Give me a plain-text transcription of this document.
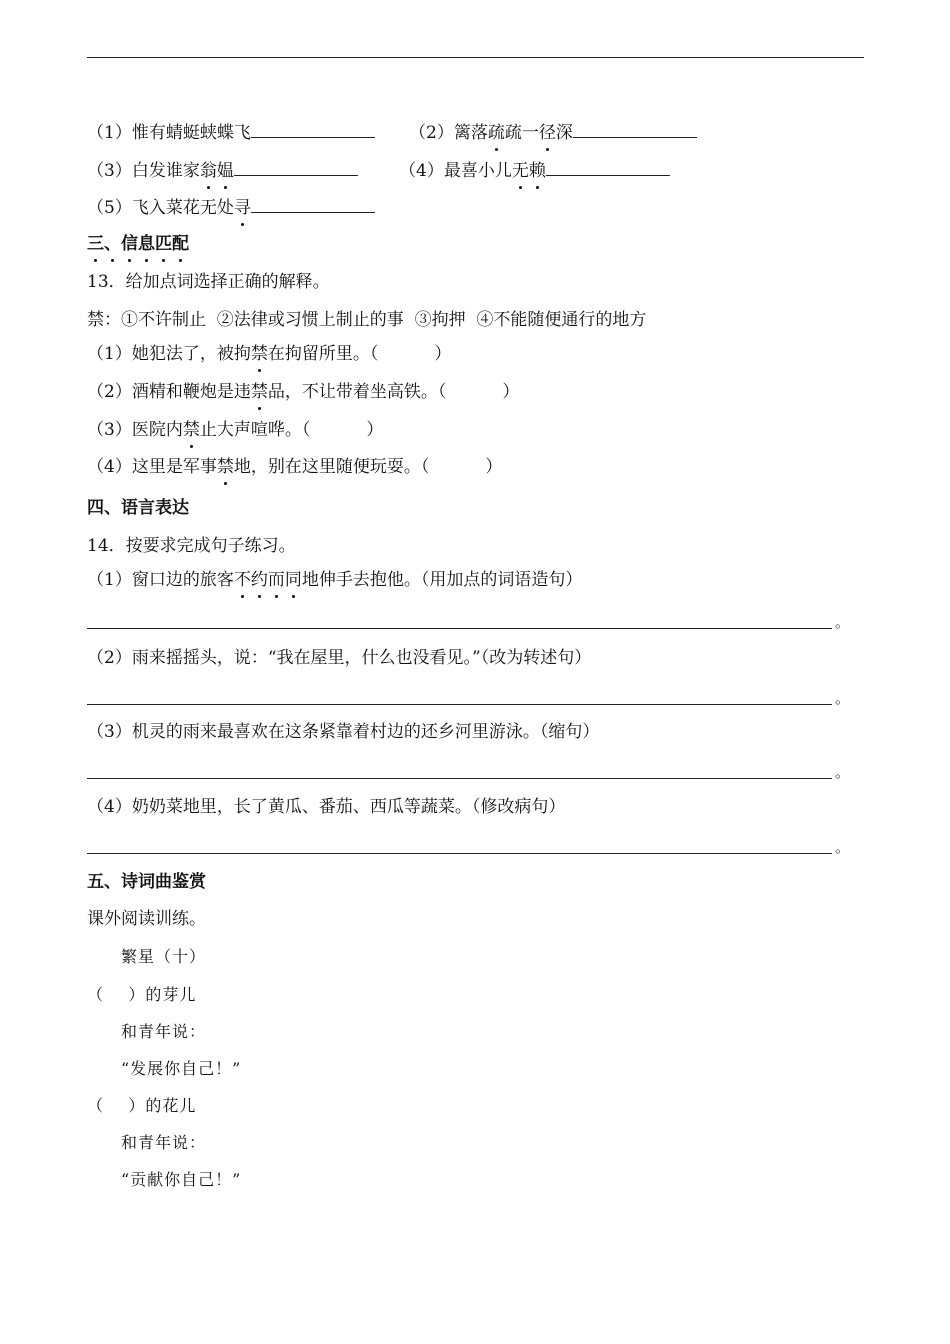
（1）惟有蜻蜓蛱蝶飞	（2）篱落疏疏一径深
（3）白发谁家翁媪	（4）最喜小儿无赖
（5）飞入菜花无处寻
三、信息匹配
13．给加点词选择正确的解释。
禁：①不许制止  ②法律或习惯上制止的事  ③拘押  ④不能随便通行的地方
（1）她犯法了，被拘禁在拘留所里。（	）
（2）酒精和鞭炮是违禁品，不让带着坐高铁。（	）
（3）医院内禁止大声喧哗。（	）
（4）这里是军事禁地，别在这里随便玩耍。（	）
四、语言表达
14．按要求完成句子练习。
（1）窗口边的旅客不约而同地伸手去抱他。（用加点的词语造句）
。
（2）雨来摇摇头，说：“我在屋里，什么也没看见。”（改为转述句）
。
（3）机灵的雨来最喜欢在这条紧靠着村边的还乡河里游泳。（缩句）
。
（4）奶奶菜地里，长了黄瓜、番茄、西瓜等蔬菜。（修改病句）
。
五、诗词曲鉴赏
课外阅读训练。
繁星（十）
（    ）的芽儿
和青年说：
“发展你自己！”
（    ）的花儿
和青年说：
“贡献你自己！”
